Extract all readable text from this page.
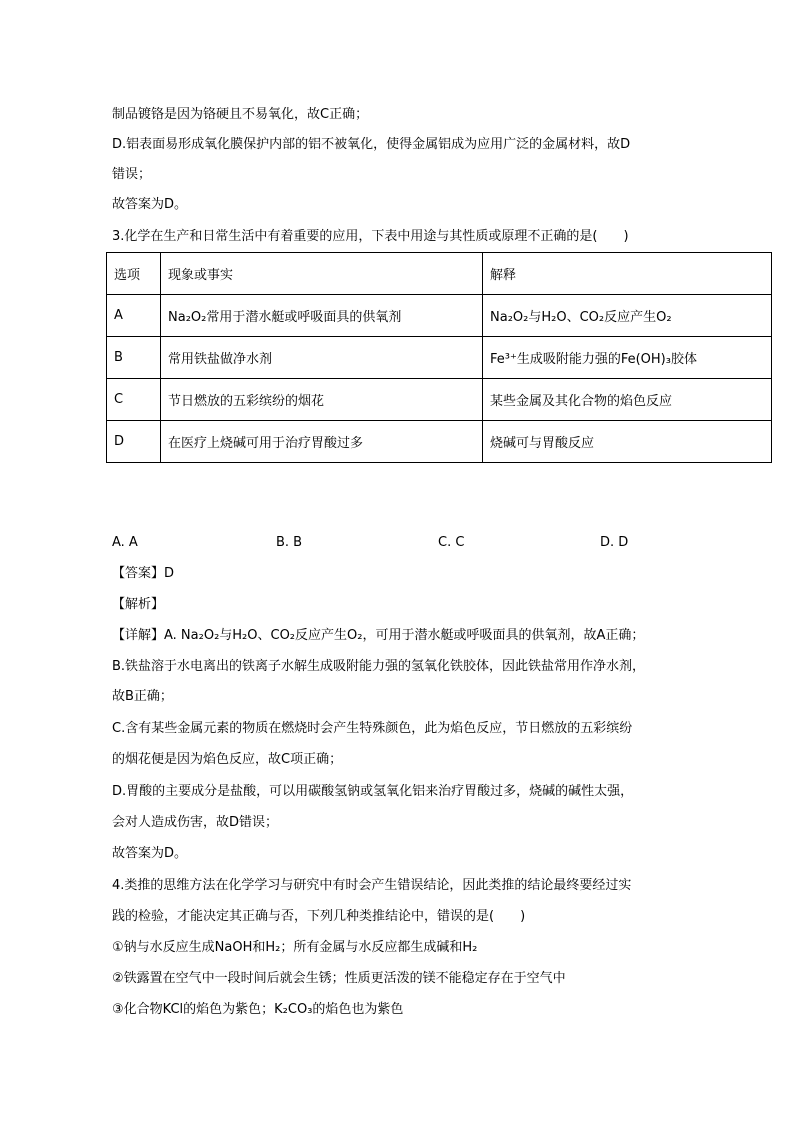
制品镀铬是因为铬硬且不易氧化，故C正确；
D.铝表面易形成氧化膜保护内部的铝不被氧化，使得金属铝成为应用广泛的金属材料，故D
错误；
故答案为D。
3.化学在生产和日常生活中有着重要的应用，下表中用途与其性质或原理不正确的是(　　)
选项	现象或事实	解释
A	Na₂O₂常用于潜水艇或呼吸面具的供氧剂	Na₂O₂与H₂O、CO₂反应产生O₂
B	常用铁盐做净水剂	Fe³⁺生成吸附能力强的Fe(OH)₃胶体
C	节日燃放的五彩缤纷的烟花	某些金属及其化合物的焰色反应
D	在医疗上烧碱可用于治疗胃酸过多	烧碱可与胃酸反应
A. A	B. B	C. C	D. D
【答案】D
【解析】
【详解】A. Na₂O₂与H₂O、CO₂反应产生O₂，可用于潜水艇或呼吸面具的供氧剂，故A正确；
B.铁盐溶于水电离出的铁离子水解生成吸附能力强的氢氧化铁胶体，因此铁盐常用作净水剂，
故B正确；
C.含有某些金属元素的物质在燃烧时会产生特殊颜色，此为焰色反应，节日燃放的五彩缤纷
的烟花便是因为焰色反应，故C项正确；
D.胃酸的主要成分是盐酸，可以用碳酸氢钠或氢氧化铝来治疗胃酸过多，烧碱的碱性太强，
会对人造成伤害，故D错误；
故答案为D。
4.类推的思维方法在化学学习与研究中有时会产生错误结论，因此类推的结论最终要经过实
践的检验，才能决定其正确与否，下列几种类推结论中，错误的是(　　)
①钠与水反应生成NaOH和H₂；所有金属与水反应都生成碱和H₂
②铁露置在空气中一段时间后就会生锈；性质更活泼的镁不能稳定存在于空气中
③化合物KCl的焰色为紫色；K₂CO₃的焰色也为紫色
